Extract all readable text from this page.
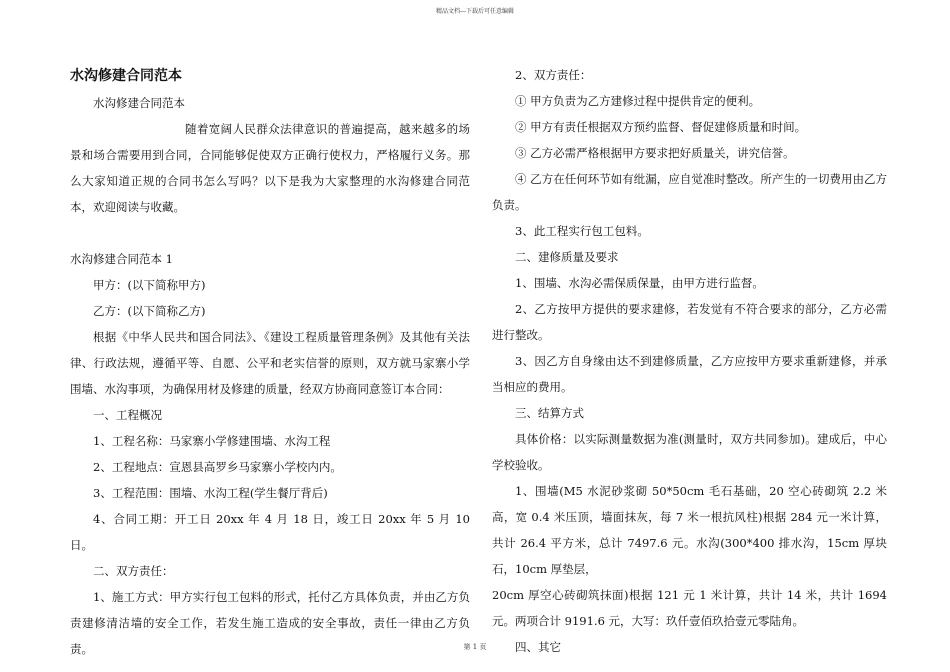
精品文档---下载后可任意编辑
水沟修建合同范本

水沟修建合同范本

随着宽阔人民群众法律意识的普遍提高，越来越多的场景和场合需要用到合同，合同能够促使双方正确行使权力，严格履行义务。那么大家知道正规的合同书怎么写吗？以下是我为大家整理的水沟修建合同范本，欢迎阅读与收藏。

水沟修建合同范本 1

甲方：(以下简称甲方)

乙方：(以下简称乙方)

根据《中华人民共和国合同法》、《建设工程质量管理条例》及其他有关法律、行政法规，遵循平等、自愿、公平和老实信誉的原则，双方就马家寨小学围墙、水沟事项，为确保用材及修建的质量，经双方协商同意签订本合同：

一、工程概况

1、工程名称：马家寨小学修建围墙、水沟工程

2、工程地点：宣恩县高罗乡马家寨小学校内内。

3、工程范围：围墙、水沟工程(学生餐厅背后)

4、合同工期：开工日 20xx 年 4 月 18 日，竣工日 20xx 年 5 月 10 日。

二、双方责任：

1、施工方式：甲方实行包工包料的形式，托付乙方具体负责，并由乙方负责建修清洁墙的安全工作，若发生施工造成的安全事故，责任一律由乙方负责。

2、双方责任：

① 甲方负责为乙方建修过程中提供肯定的便利。

② 甲方有责任根据双方预约监督、督促建修质量和时间。

③ 乙方必需严格根据甲方要求把好质量关，讲究信誉。

④ 乙方在任何环节如有纰漏，应自觉准时整改。所产生的一切费用由乙方负责。

3、此工程实行包工包料。

二、建修质量及要求

1、围墙、水沟必需保质保量，由甲方进行监督。

2、乙方按甲方提供的要求建修，若发觉有不符合要求的部分，乙方必需进行整改。

3、因乙方自身缘由达不到建修质量，乙方应按甲方要求重新建修，并承当相应的费用。

三、结算方式

具体价格：以实际测量数据为准(测量时，双方共同参加)。建成后，中心学校验收。

1、围墙(M5 水泥砂浆砌 50*50cm 毛石基础，20 空心砖砌筑 2.2 米高，宽 0.4 米压顶，墙面抹灰，每 7 米一根抗风柱)根据 284 元一米计算，共计 26.4 平方米，总计 7497.6 元。水沟(300*400 排水沟，15cm 厚块石，10cm 厚垫层，

20cm 厚空心砖砌筑抹面)根据 121 元 1 米计算，共计 14 米，共计 1694 元。两项合计 9191.6 元，大写：玖仟壹佰玖拾壹元零陆角。

四、其它

第 1 页
